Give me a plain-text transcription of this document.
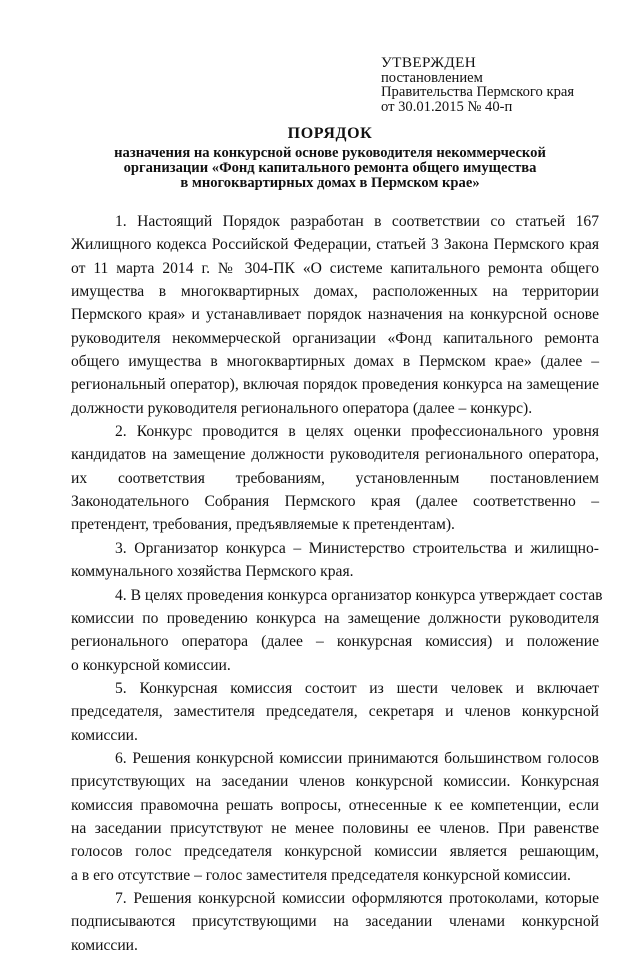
УТВЕРЖДЕН
постановлением
Правительства Пермского края
от 30.01.2015 № 40-п
ПОРЯДОК
назначения на конкурсной основе руководителя некоммерческой
организации «Фонд капитального ремонта общего имущества
в многоквартирных домах в Пермском крае»
1. Настоящий Порядок разработан в соответствии со статьей 167
Жилищного кодекса Российской Федерации, статьей 3 Закона Пермского края
от 11 марта 2014 г. № 304-ПК «О системе капитального ремонта общего
имущества в многоквартирных домах, расположенных на территории
Пермского края» и устанавливает порядок назначения на конкурсной основе
руководителя некоммерческой организации «Фонд капитального ремонта
общего имущества в многоквартирных домах в Пермском крае» (далее –
региональный оператор), включая порядок проведения конкурса на замещение
должности руководителя регионального оператора (далее – конкурс).
2. Конкурс проводится в целях оценки профессионального уровня
кандидатов на замещение должности руководителя регионального оператора,
их соответствия требованиям, установленным постановлением
Законодательного Собрания Пермского края (далее соответственно –
претендент, требования, предъявляемые к претендентам).
3. Организатор конкурса – Министерство строительства и жилищно-
коммунального хозяйства Пермского края.
4. В целях проведения конкурса организатор конкурса утверждает состав
комиссии по проведению конкурса на замещение должности руководителя
регионального оператора (далее – конкурсная комиссия) и положение
о конкурсной комиссии.
5. Конкурсная комиссия состоит из шести человек и включает
председателя, заместителя председателя, секретаря и членов конкурсной
комиссии.
6. Решения конкурсной комиссии принимаются большинством голосов
присутствующих на заседании членов конкурсной комиссии. Конкурсная
комиссия правомочна решать вопросы, отнесенные к ее компетенции, если
на заседании присутствуют не менее половины ее членов. При равенстве
голосов голос председателя конкурсной комиссии является решающим,
а в его отсутствие – голос заместителя председателя конкурсной комиссии.
7. Решения конкурсной комиссии оформляются протоколами, которые
подписываются присутствующими на заседании членами конкурсной
комиссии.
